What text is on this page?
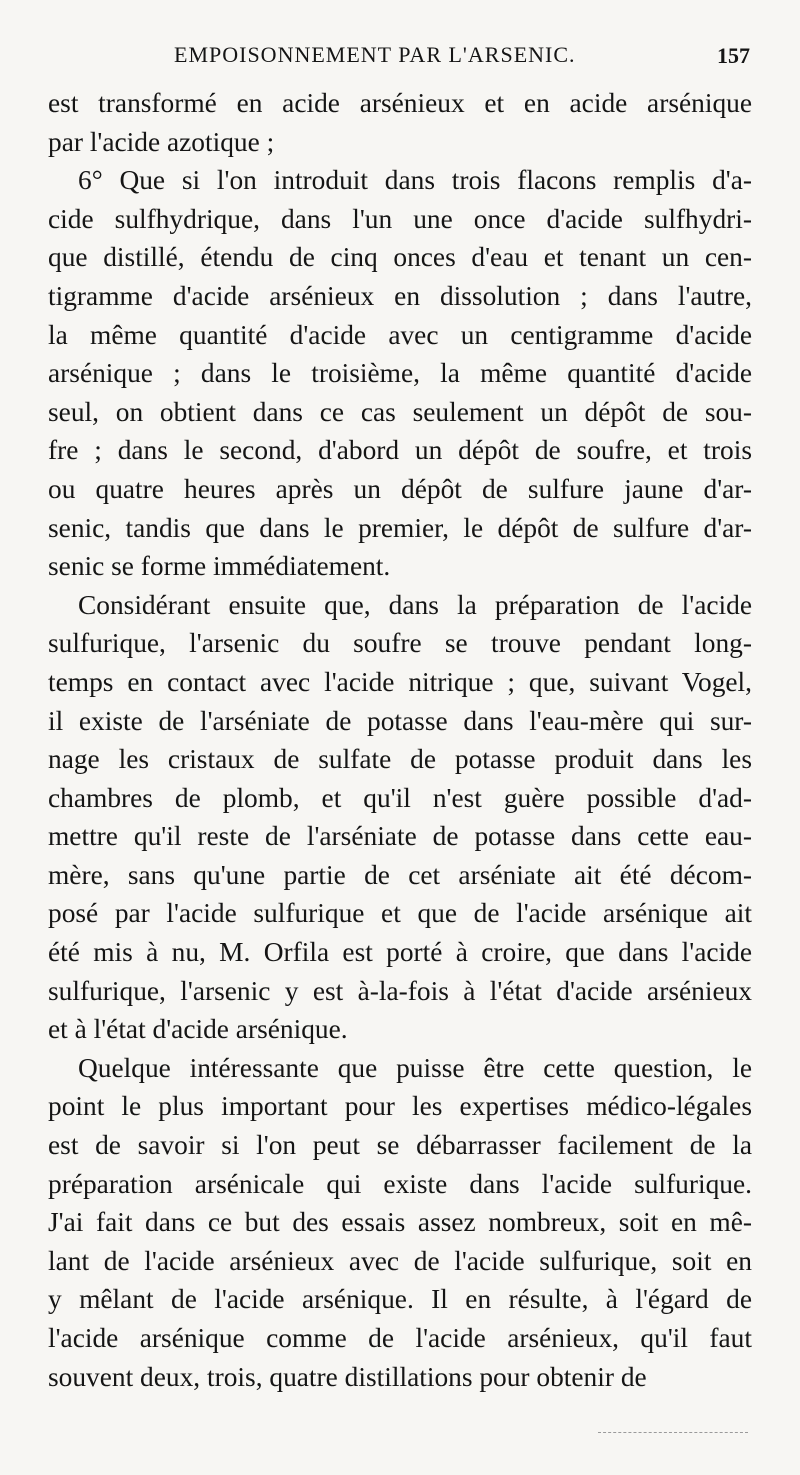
EMPOISONNEMENT PAR L'ARSENIC.	157
est transformé en acide arsénieux et en acide arsénique
par l'acide azotique ;
6° Que si l'on introduit dans trois flacons remplis d'a-
cide sulfhydrique, dans l'un une once d'acide sulfhydri-
que distillé, étendu de cinq onces d'eau et tenant un cen-
tigramme d'acide arsénieux en dissolution ; dans l'autre,
la même quantité d'acide avec un centigramme d'acide
arsénique ; dans le troisième, la même quantité d'acide
seul, on obtient dans ce cas seulement un dépôt de sou-
fre ; dans le second, d'abord un dépôt de soufre, et trois
ou quatre heures après un dépôt de sulfure jaune d'ar-
senic, tandis que dans le premier, le dépôt de sulfure d'ar-
senic se forme immédiatement.
Considérant ensuite que, dans la préparation de l'acide
sulfurique, l'arsenic du soufre se trouve pendant long-
temps en contact avec l'acide nitrique ; que, suivant Vogel,
il existe de l'arséniate de potasse dans l'eau-mère qui sur-
nage les cristaux de sulfate de potasse produit dans les
chambres de plomb, et qu'il n'est guère possible d'ad-
mettre qu'il reste de l'arséniate de potasse dans cette eau-
mère, sans qu'une partie de cet arséniate ait été décom-
posé par l'acide sulfurique et que de l'acide arsénique ait
été mis à nu, M. Orfila est porté à croire, que dans l'acide
sulfurique, l'arsenic y est à-la-fois à l'état d'acide arsénieux
et à l'état d'acide arsénique.
Quelque intéressante que puisse être cette question, le
point le plus important pour les expertises médico-légales
est de savoir si l'on peut se débarrasser facilement de la
préparation arsénicale qui existe dans l'acide sulfurique.
J'ai fait dans ce but des essais assez nombreux, soit en mê-
lant de l'acide arsénieux avec de l'acide sulfurique, soit en
y mêlant de l'acide arsénique. Il en résulte, à l'égard de
l'acide arsénique comme de l'acide arsénieux, qu'il faut
souvent deux, trois, quatre distillations pour obtenir de
